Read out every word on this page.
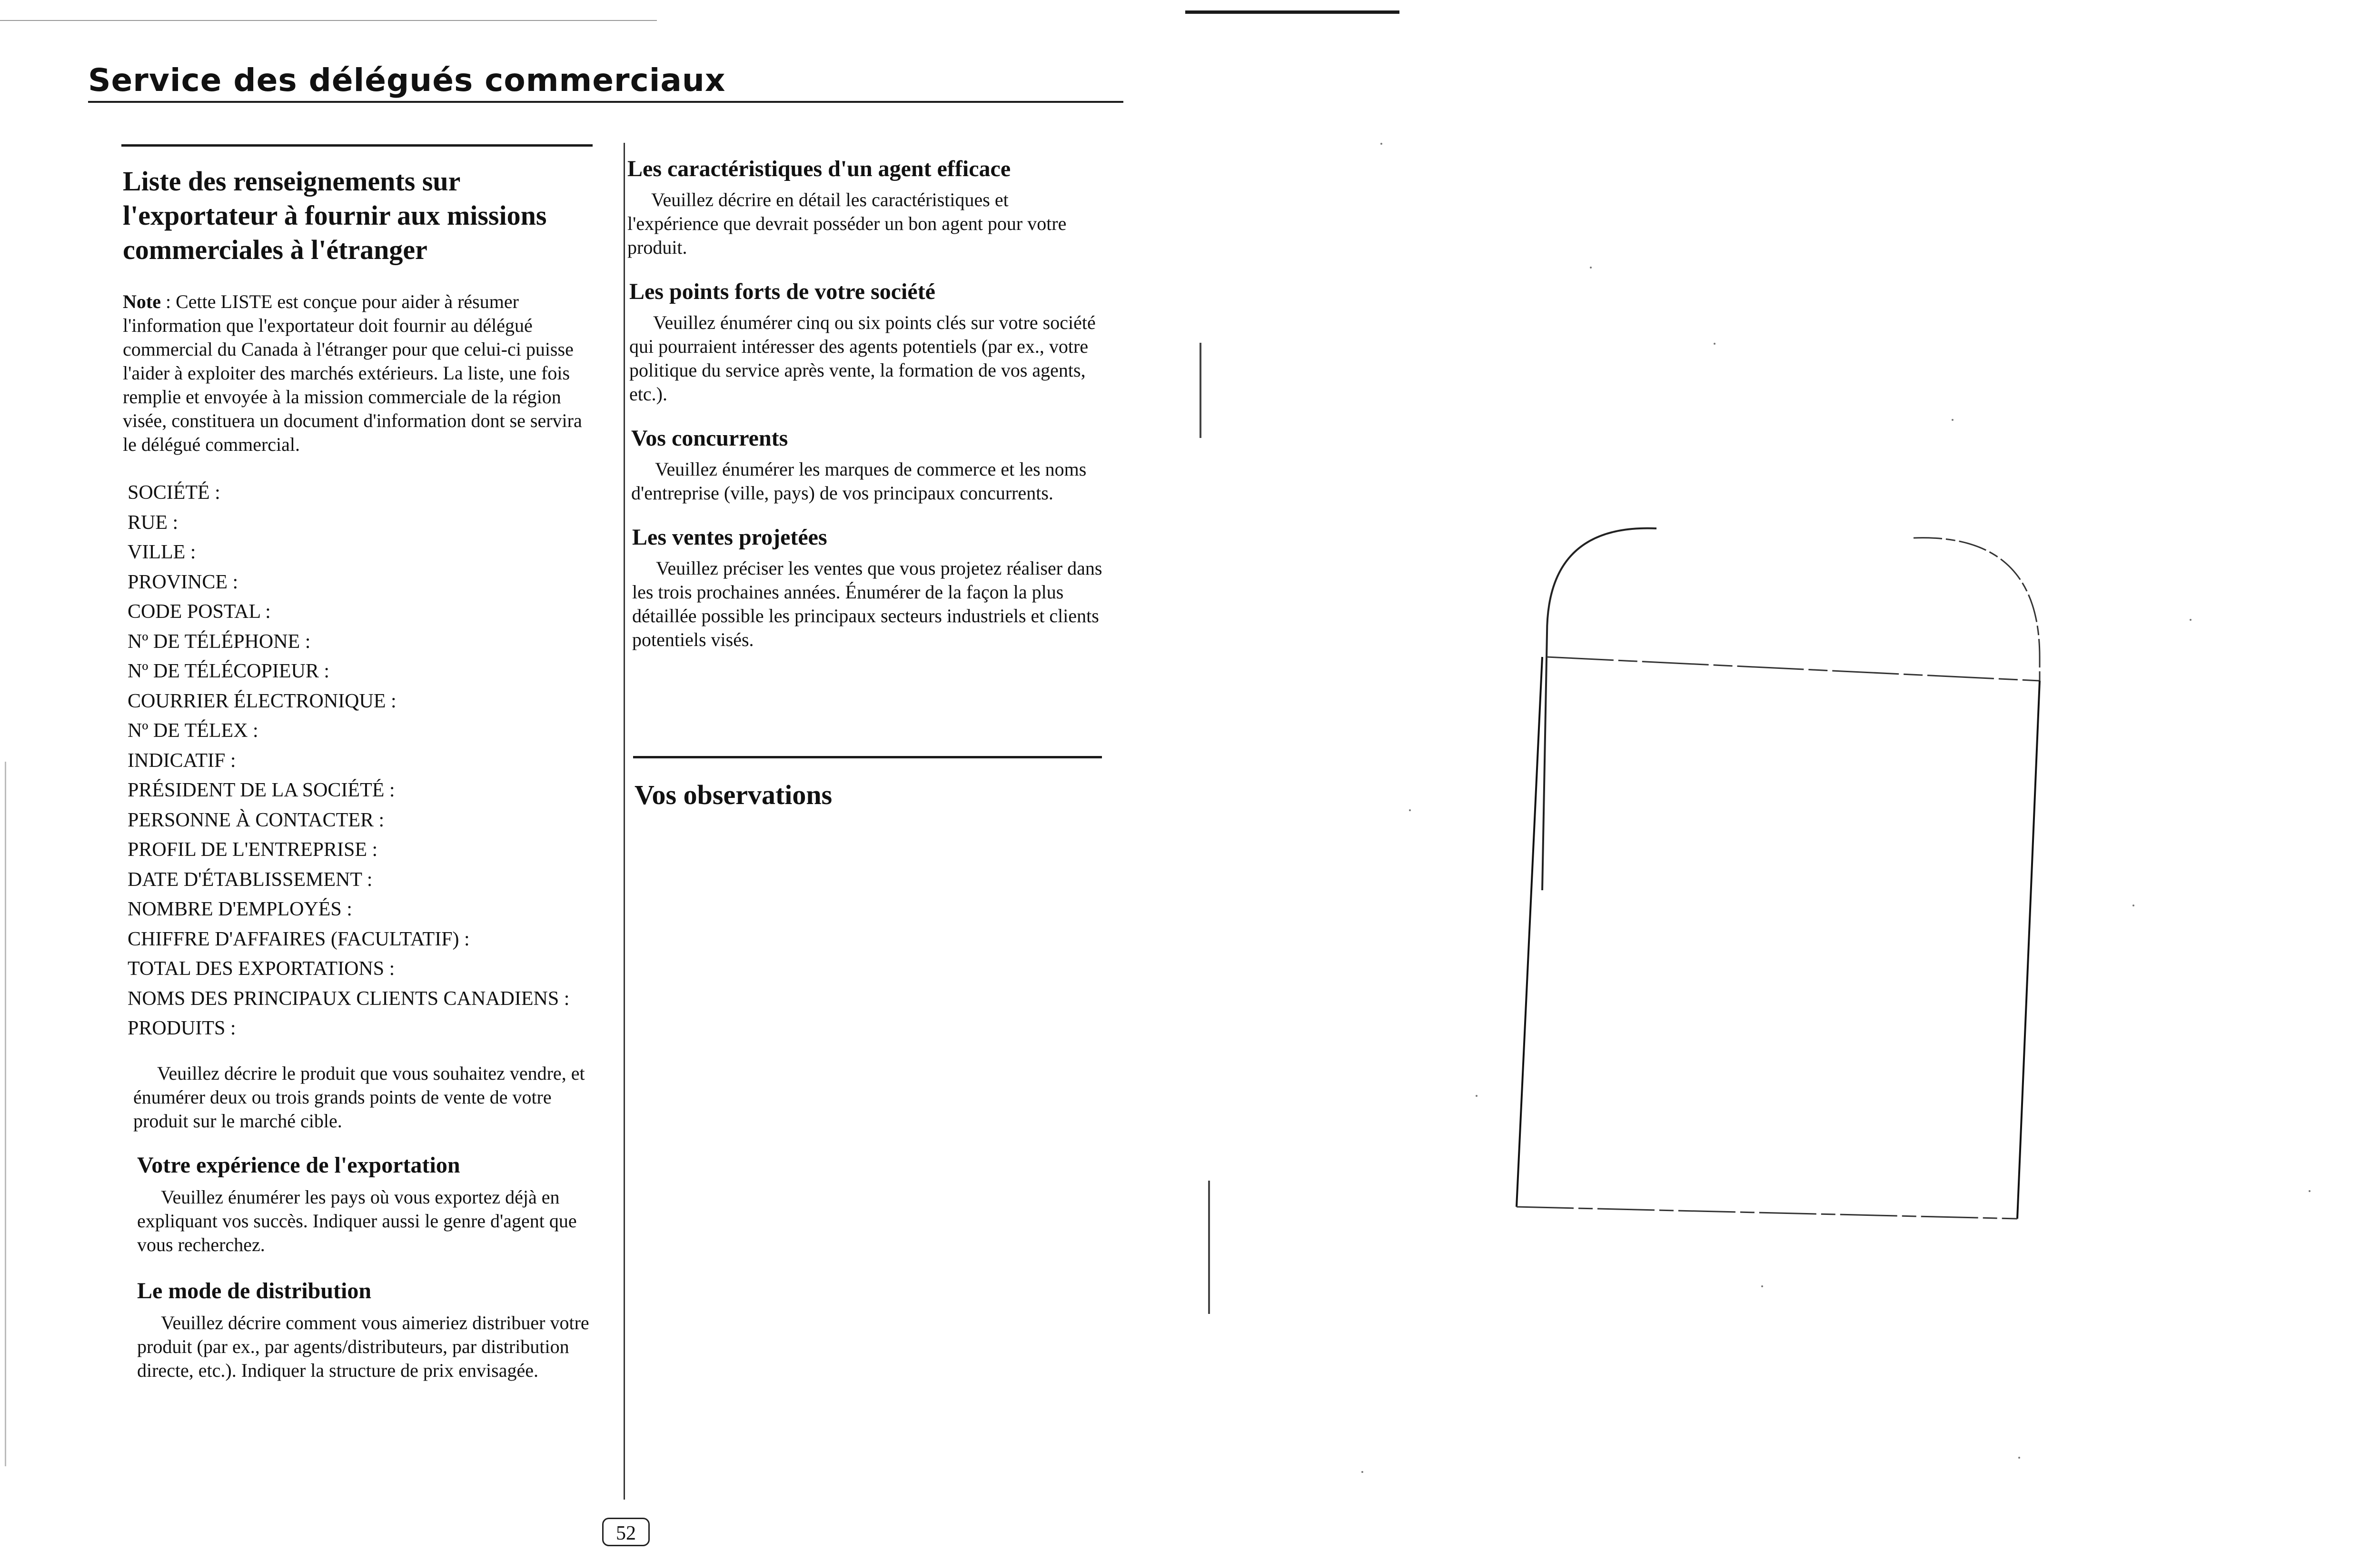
Service des délégués commerciaux
Liste des renseignements sur l'exportateur à fournir aux missions commerciales à l'étranger

Note : Cette LISTE est conçue pour aider à résumer l'information que l'exportateur doit fournir au délégué commercial du Canada à l'étranger pour que celui-ci puisse l'aider à exploiter des marchés extérieurs. La liste, une fois remplie et envoyée à la mission commerciale de la région visée, constituera un document d'information dont se servira le délégué commercial.

SOCIÉTÉ :
RUE :
VILLE :
PROVINCE :
CODE POSTAL :
Nº DE TÉLÉPHONE :
Nº DE TÉLÉCOPIEUR :
COURRIER ÉLECTRONIQUE :
Nº DE TÉLEX :
INDICATIF :
PRÉSIDENT DE LA SOCIÉTÉ :
PERSONNE À CONTACTER :
PROFIL DE L'ENTREPRISE :
DATE D'ÉTABLISSEMENT :
NOMBRE D'EMPLOYÉS :
CHIFFRE D'AFFAIRES (FACULTATIF) :
TOTAL DES EXPORTATIONS :
NOMS DES PRINCIPAUX CLIENTS CANADIENS :
PRODUITS :

Veuillez décrire le produit que vous souhaitez vendre, et énumérer deux ou trois grands points de vente de votre produit sur le marché cible.

Votre expérience de l'exportation

Veuillez énumérer les pays où vous exportez déjà en expliquant vos succès. Indiquer aussi le genre d'agent que vous recherchez.

Le mode de distribution

Veuillez décrire comment vous aimeriez distribuer votre produit (par ex., par agents/distributeurs, par distribution directe, etc.). Indiquer la structure de prix envisagée.

Les caractéristiques d'un agent efficace

Veuillez décrire en détail les caractéristiques et l'expérience que devrait posséder un bon agent pour votre produit.

Les points forts de votre société

Veuillez énumérer cinq ou six points clés sur votre société qui pourraient intéresser des agents potentiels (par ex., votre politique du service après vente, la formation de vos agents, etc.).

Vos concurrents

Veuillez énumérer les marques de commerce et les noms d'entreprise (ville, pays) de vos principaux concurrents.

Les ventes projetées

Veuillez préciser les ventes que vous projetez réaliser dans les trois prochaines années. Énumérer de la façon la plus détaillée possible les principaux secteurs industriels et clients potentiels visés.

Vos observations
52
